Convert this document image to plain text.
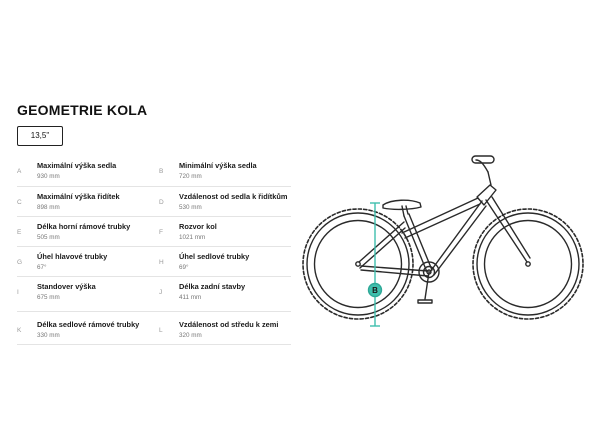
GEOMETRIE KOLA
13,5"
A
Maximální výška sedla
930 mm
B
Minimální výška sedla
720 mm
C
Maximální výška řidítek
898 mm
D
Vzdálenost od sedla k řidítkům
530 mm
E
Délka horní rámové trubky
505 mm
F
Rozvor kol
1021 mm
G
Úhel hlavové trubky
67°
H
Úhel sedlové trubky
69°
I
Standover výška
675 mm
J
Délka zadní stavby
411 mm
K
Délka sedlové rámové trubky
330 mm
L
Vzdálenost od středu k zemi
320 mm
B
